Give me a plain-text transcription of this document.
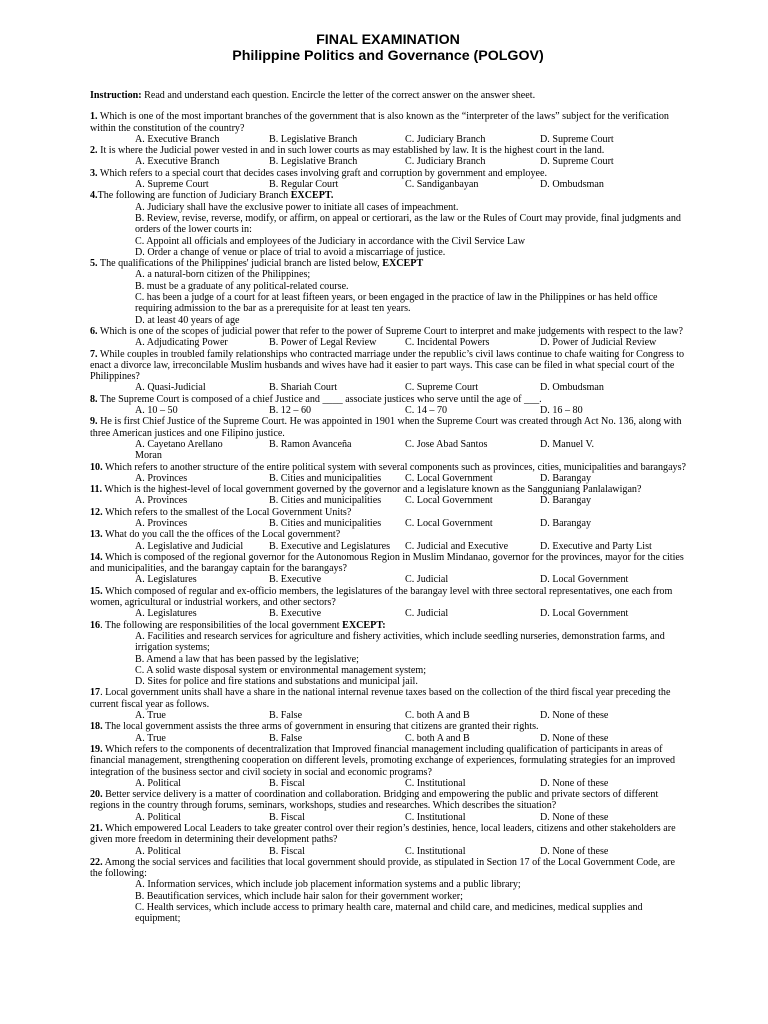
FINAL EXAMINATION

Philippine Politics and Governance (POLGOV)

Instruction: Read and understand each question. Encircle the letter of the correct answer on the answer sheet.
1. Which is one of the most important branches of the government that is also known as the “interpreter of the laws” subject for the verification within the constitution of the country?
A. Executive Branch	B. Legislative Branch	C. Judiciary Branch	D. Supreme Court
2. It is where the Judicial power vested in and in such lower courts as may established by law. It is the highest court in the land.
A. Executive Branch	B. Legislative Branch	C. Judiciary Branch	D. Supreme Court
3. Which refers to a special court that decides cases involving graft and corruption by government and employee.
A. Supreme Court	B. Regular Court	C. Sandiganbayan	D. Ombudsman
4.The following are function of Judiciary Branch EXCEPT.
A. Judiciary shall have the exclusive power to initiate all cases of impeachment.
B. Review, revise, reverse, modify, or affirm, on appeal or certiorari, as the law or the Rules of Court may provide, final judgments and orders of the lower courts in:
C. Appoint all officials and employees of the Judiciary in accordance with the Civil Service Law
D. Order a change of venue or place of trial to avoid a miscarriage of justice.
5. The qualifications of the Philippines' judicial branch are listed below, EXCEPT
A. a natural-born citizen of the Philippines;
B. must be a graduate of any political-related course.
C. has been a judge of a court for at least fifteen years, or been engaged in the practice of law in the Philippines or has held office requiring admission to the bar as a prerequisite for at least ten years.
D. at least 40 years of age
6. Which is one of the scopes of judicial power that refer to the power of Supreme Court to interpret and make judgements with respect to the law?
A. Adjudicating Power	B. Power of Legal Review	C. Incidental Powers	D. Power of Judicial Review
7. While couples in troubled family relationships who contracted marriage under the republic’s civil laws continue to chafe waiting for Congress to enact a divorce law, irreconcilable Muslim husbands and wives have had it easier to part ways. This case can be filed in what special court of the Philippines?
A. Quasi-Judicial	B. Shariah Court	C. Supreme Court	D. Ombudsman
8. The Supreme Court is composed of a chief Justice and ____ associate justices who serve until the age of ___.
A. 10 – 50	B. 12 – 60	C. 14 – 70	D. 16 – 80
9. He is first Chief Justice of the Supreme Court. He was appointed in 1901 when the Supreme Court was created through Act No. 136, along with three American justices and one Filipino justice.
A. Cayetano Arellano	B. Ramon Avanceña	C. Jose Abad Santos	D. Manuel V.
Moran
10. Which refers to another structure of the entire political system with several components such as provinces, cities, municipalities and barangays?
A. Provinces	B. Cities and municipalities	C. Local Government	D. Barangay
11. Which is the highest-level of local government governed by the governor and a legislature known as the Sangguniang Panlalawigan?
A. Provinces	B. Cities and municipalities	C. Local Government	D. Barangay
12. Which refers to the smallest of the Local Government Units?
A. Provinces	B. Cities and municipalities	C. Local Government	D. Barangay
13. What do you call the the offices of the Local government?
A. Legislative and Judicial	B. Executive and Legislatures	C. Judicial and Executive	D. Executive and Party List
14. Which is composed of the regional governor for the Autonomous Region in Muslim Mindanao, governor for the provinces, mayor for the cities and municipalities, and the barangay captain for the barangays?
A. Legislatures	B. Executive	C. Judicial	D. Local Government
15. Which composed of regular and ex-officio members, the legislatures of the barangay level with three sectoral representatives, one each from women, agricultural or industrial workers, and other sectors?
A. Legislatures	B. Executive	C. Judicial	D. Local Government
16. The following are responsibilities of the local government EXCEPT:
A. Facilities and research services for agriculture and fishery activities, which include seedling nurseries, demonstration farms, and irrigation systems;
B. Amend a law that has been passed by the legislative;
C. A solid waste disposal system or environmental management system;
D. Sites for police and fire stations and substations and municipal jail.
17. Local government units shall have a share in the national internal revenue taxes based on the collection of the third fiscal year preceding the current fiscal year as follows.
A. True	B. False	C. both A and B	D. None of these
18. The local government assists the three arms of government in ensuring that citizens are granted their rights.
A. True	B. False	C. both A and B	D. None of these
19. Which refers to the components of decentralization that Improved financial management including qualification of participants in areas of financial management, strengthening cooperation on different levels, promoting exchange of experiences, formulating strategies for an improved integration of the business sector and civil society in social and economic programs?
A. Political	B. Fiscal	C. Institutional	D. None of these
20. Better service delivery is a matter of coordination and collaboration. Bridging and empowering the public and private sectors of different regions in the country through forums, seminars, workshops, studies and researches. Which describes the situation?
A. Political	B. Fiscal	C. Institutional	D. None of these
21. Which empowered Local Leaders to take greater control over their region’s destinies, hence, local leaders, citizens and other stakeholders are given more freedom in determining their development paths?
A. Political	B. Fiscal	C. Institutional	D. None of these
22. Among the social services and facilities that local government should provide, as stipulated in Section 17 of the Local Government Code, are the following:
A. Information services, which include job placement information systems and a public library;
B. Beautification services, which include hair salon for their government worker;
C. Health services, which include access to primary health care, maternal and child care, and medicines, medical supplies and equipment;
